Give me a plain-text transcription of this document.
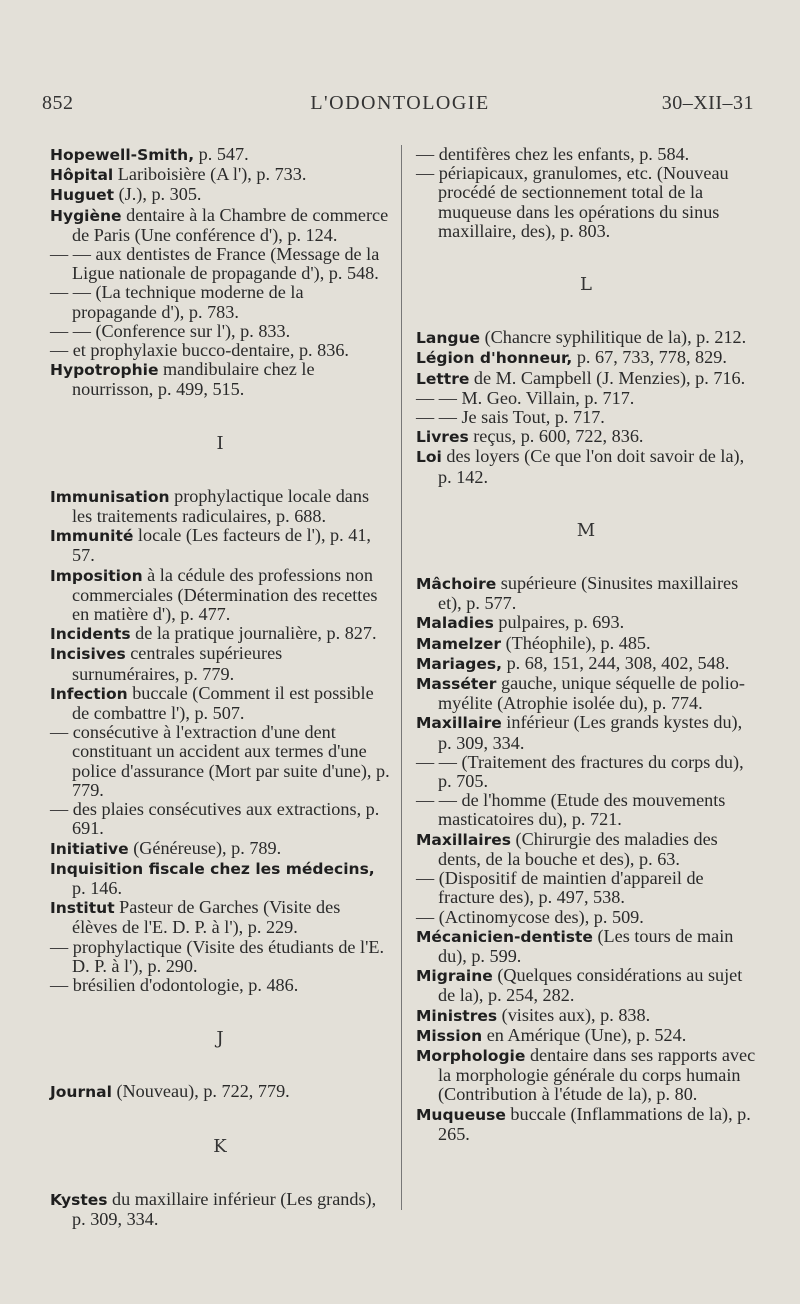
852	L'ODONTOLOGIE	30–XII–31

Hopewell-Smith, p. 547.

Hôpital Lariboisière (A l'), p. 733.

Huguet (J.), p. 305.

Hygiène dentaire à la Chambre de commerce de Paris (Une conférence d'), p. 124.

— — aux dentistes de France (Message de la Ligue nationale de propagande d'), p. 548.

— — (La technique moderne de la propagande d'), p. 783.

— — (Conference sur l'), p. 833.

— et prophylaxie bucco-dentaire, p. 836.

Hypotrophie mandibulaire chez le nourrisson, p. 499, 515.

I

Immunisation prophylactique locale dans les traitements radiculaires, p. 688.

Immunité locale (Les facteurs de l'), p. 41, 57.

Imposition à la cédule des professions non commerciales (Détermination des recettes en matière d'), p. 477.

Incidents de la pratique journalière, p. 827.

Incisives centrales supérieures surnuméraires, p. 779.

Infection buccale (Comment il est possible de combattre l'), p. 507.

— consécutive à l'extraction d'une dent constituant un accident aux termes d'une police d'assurance (Mort par suite d'une), p. 779.

— des plaies consécutives aux extractions, p. 691.

Initiative (Généreuse), p. 789.

Inquisition fiscale chez les médecins, p. 146.

Institut Pasteur de Garches (Visite des élèves de l'E. D. P. à l'), p. 229.

— prophylactique (Visite des étudiants de l'E. D. P. à l'), p. 290.

— brésilien d'odontologie, p. 486.

J

Journal (Nouveau), p. 722, 779.

K

Kystes du maxillaire inférieur (Les grands), p. 309, 334.

— dentifères chez les enfants, p. 584.

— périapicaux, granulomes, etc. (Nouveau procédé de sectionnement total de la muqueuse dans les opérations du sinus maxillaire, des), p. 803.

L

Langue (Chancre syphilitique de la), p. 212.

Légion d'honneur, p. 67, 733, 778, 829.

Lettre de M. Campbell (J. Menzies), p. 716.

— — M. Geo. Villain, p. 717.

— — Je sais Tout, p. 717.

Livres reçus, p. 600, 722, 836.

Loi des loyers (Ce que l'on doit savoir de la), p. 142.

M

Mâchoire supérieure (Sinusites maxillaires et), p. 577.

Maladies pulpaires, p. 693.

Mamelzer (Théophile), p. 485.

Mariages, p. 68, 151, 244, 308, 402, 548.

Masséter gauche, unique séquelle de polio-myélite (Atrophie isolée du), p. 774.

Maxillaire inférieur (Les grands kystes du), p. 309, 334.

— — (Traitement des fractures du corps du), p. 705.

— — de l'homme (Etude des mouvements masticatoires du), p. 721.

Maxillaires (Chirurgie des maladies des dents, de la bouche et des), p. 63.

— (Dispositif de maintien d'appareil de fracture des), p. 497, 538.

— (Actinomycose des), p. 509.

Mécanicien-dentiste (Les tours de main du), p. 599.

Migraine (Quelques considérations au sujet de la), p. 254, 282.

Ministres (visites aux), p. 838.

Mission en Amérique (Une), p. 524.

Morphologie dentaire dans ses rapports avec la morphologie générale du corps humain (Contribution à l'étude de la), p. 80.

Muqueuse buccale (Inflammations de la), p. 265.
